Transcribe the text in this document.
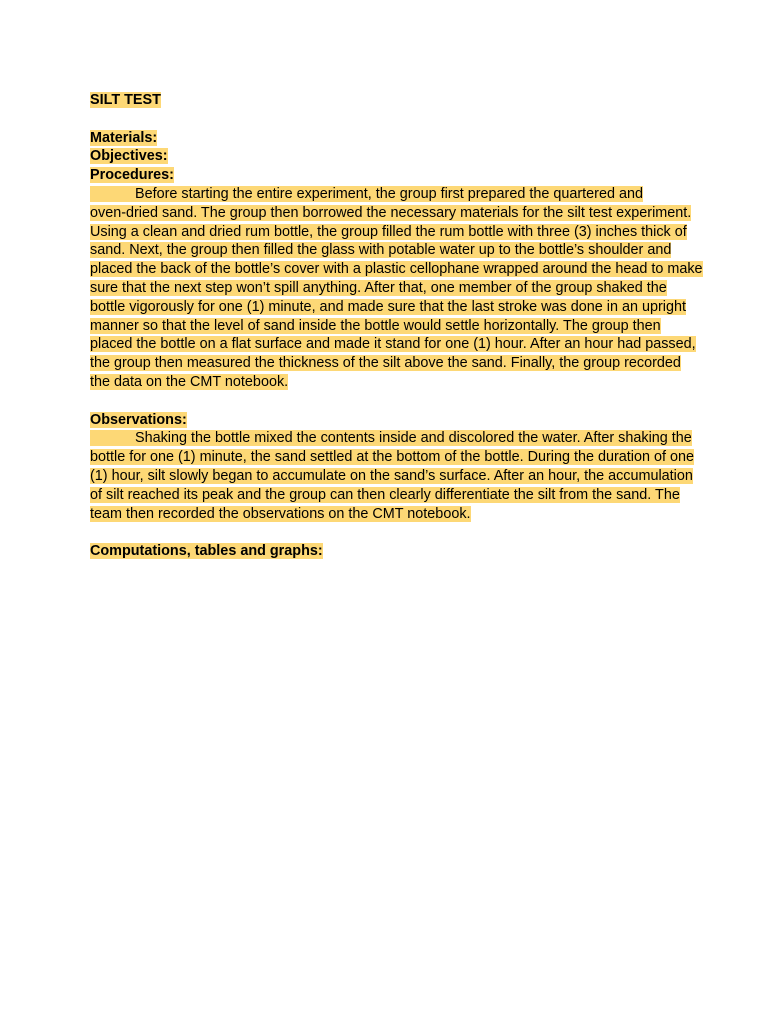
SILT TEST
Materials:
Objectives:
Procedures:
Before starting the entire experiment, the group first prepared the quartered and
oven-dried sand. The group then borrowed the necessary materials for the silt test experiment.
Using a clean and dried rum bottle, the group filled the rum bottle with three (3) inches thick of
sand. Next, the group then filled the glass with potable water up to the bottle’s shoulder and
placed the back of the bottle’s cover with a plastic cellophane wrapped around the head to make
sure that the next step won’t spill anything. After that, one member of the group shaked the
bottle vigorously for one (1) minute, and made sure that the last stroke was done in an upright
manner so that the level of sand inside the bottle would settle horizontally. The group then
placed the bottle on a flat surface and made it stand for one (1) hour. After an hour had passed,
the group then measured the thickness of the silt above the sand. Finally, the group recorded
the data on the CMT notebook.
Observations:
Shaking the bottle mixed the contents inside and discolored the water. After shaking the
bottle for one (1) minute, the sand settled at the bottom of the bottle. During the duration of one
(1) hour, silt slowly began to accumulate on the sand’s surface. After an hour, the accumulation
of silt reached its peak and the group can then clearly differentiate the silt from the sand. The
team then recorded the observations on the CMT notebook.
Computations, tables and graphs:
